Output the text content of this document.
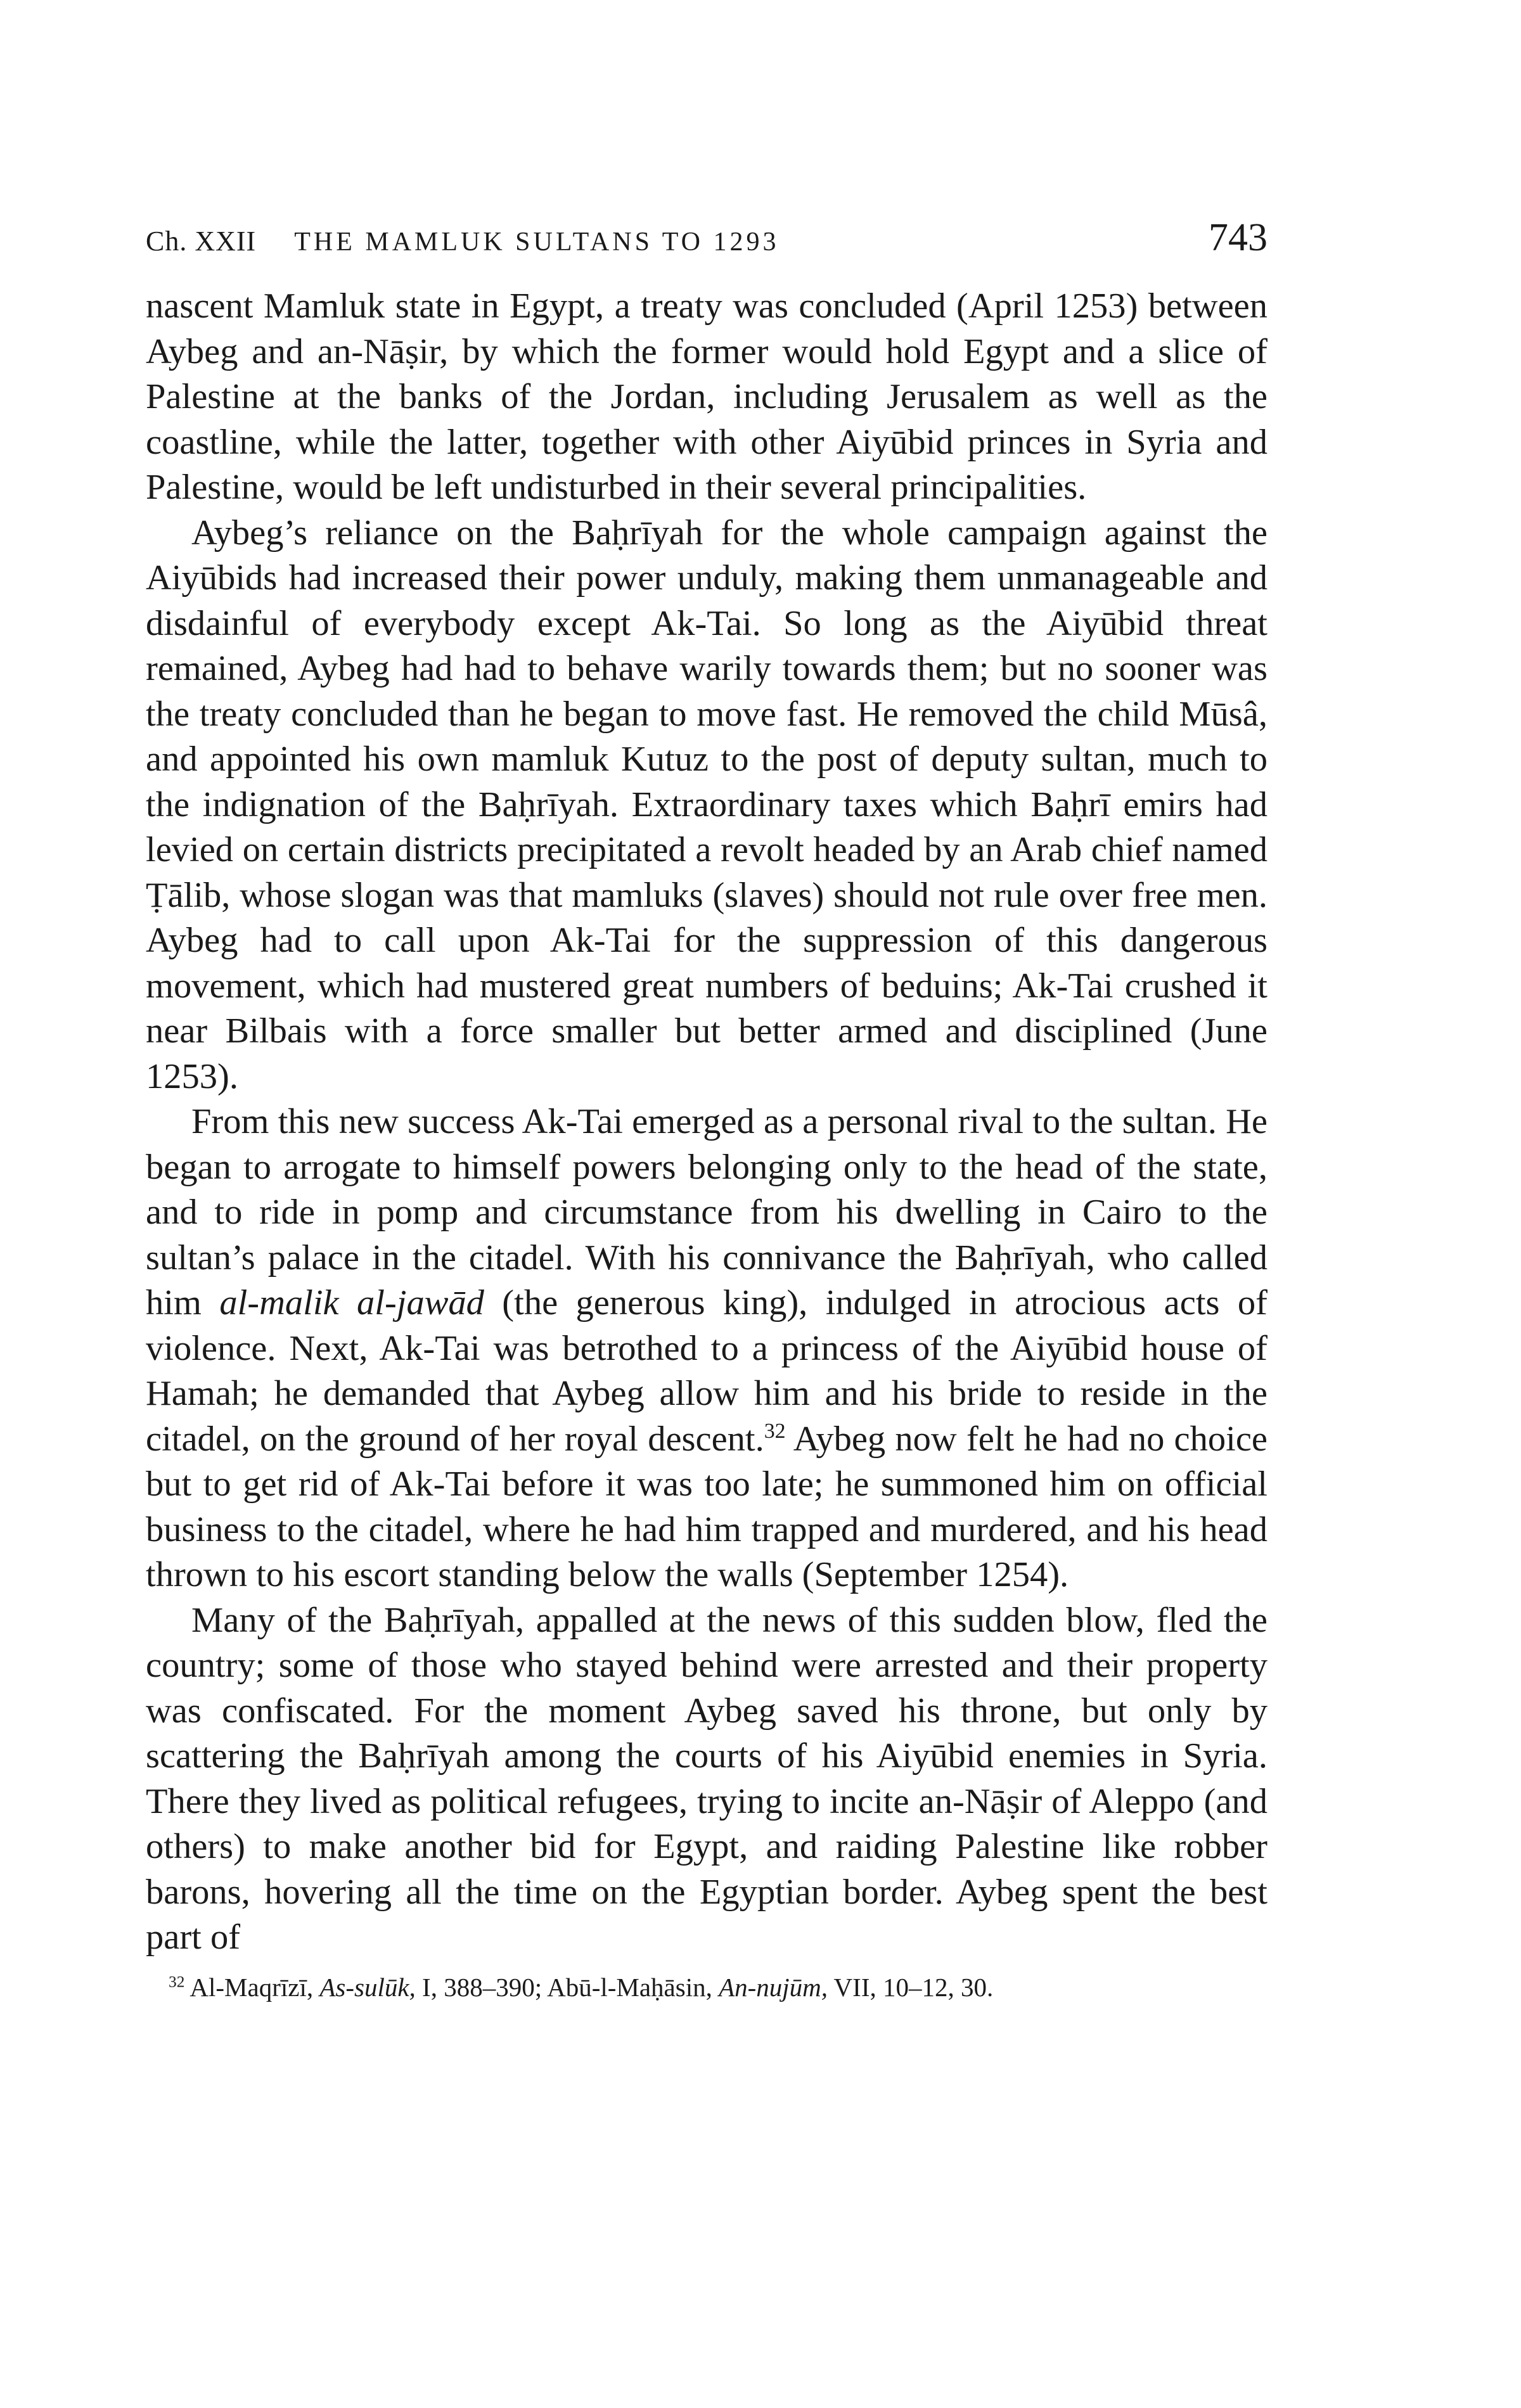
Ch. XXII THE MAMLUK SULTANS TO 1293	743

nascent Mamluk state in Egypt, a treaty was concluded (April 1253) between Aybeg and an-Nāṣir, by which the former would hold Egypt and a slice of Palestine at the banks of the Jordan, including Jerusalem as well as the coastline, while the latter, together with other Aiyūbid princes in Syria and Palestine, would be left undisturbed in their several principalities.

Aybeg’s reliance on the Baḥrīyah for the whole campaign against the Aiyūbids had increased their power unduly, making them unmanageable and disdainful of everybody except Ak-Tai. So long as the Aiyūbid threat remained, Aybeg had had to behave warily towards them; but no sooner was the treaty concluded than he began to move fast. He removed the child Mūsâ, and appointed his own mamluk Kutuz to the post of deputy sultan, much to the indignation of the Baḥrīyah. Extraordinary taxes which Baḥrī emirs had levied on certain districts precipitated a revolt headed by an Arab chief named Ṭālib, whose slogan was that mamluks (slaves) should not rule over free men. Aybeg had to call upon Ak-Tai for the suppression of this dangerous movement, which had mustered great numbers of beduins; Ak-Tai crushed it near Bilbais with a force smaller but better armed and disciplined (June 1253).

From this new success Ak-Tai emerged as a personal rival to the sultan. He began to arrogate to himself powers belonging only to the head of the state, and to ride in pomp and circumstance from his dwelling in Cairo to the sultan’s palace in the citadel. With his connivance the Baḥrīyah, who called him al-malik al-jawād (the generous king), indulged in atrocious acts of violence. Next, Ak-Tai was betrothed to a princess of the Aiyūbid house of Hamah; he demanded that Aybeg allow him and his bride to reside in the citadel, on the ground of her royal descent.$^{32}$ Aybeg now felt he had no choice but to get rid of Ak-Tai before it was too late; he summoned him on official business to the citadel, where he had him trapped and murdered, and his head thrown to his escort standing below the walls (September 1254).

Many of the Baḥrīyah, appalled at the news of this sudden blow, fled the country; some of those who stayed behind were arrested and their property was confiscated. For the moment Aybeg saved his throne, but only by scattering the Baḥrīyah among the courts of his Aiyūbid enemies in Syria. There they lived as political refugees, trying to incite an-Nāṣir of Aleppo (and others) to make another bid for Egypt, and raiding Palestine like robber barons, hovering all the time on the Egyptian border. Aybeg spent the best part of

$^{32}$ Al-Maqrīzī, As-sulūk, I, 388–390; Abū-l-Maḥāsin, An-nujūm, VII, 10–12, 30.
